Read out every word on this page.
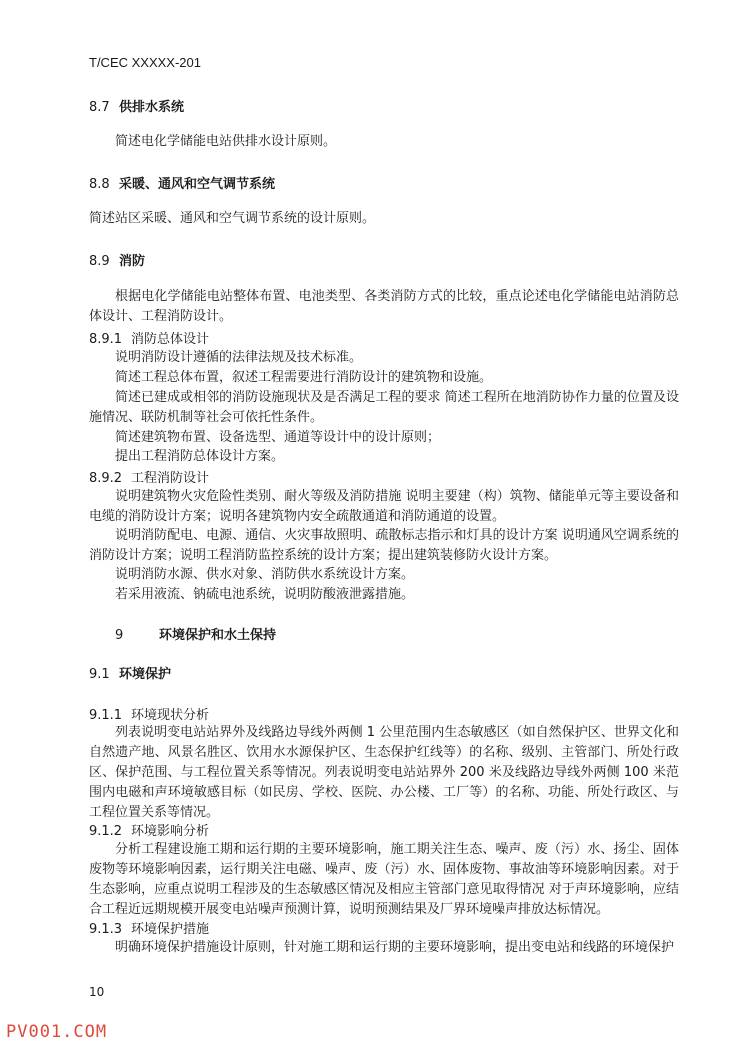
T/CEC XXXXX-201
8.7 供排水系统
简述电化学储能电站供排水设计原则。
8.8 采暖、通风和空气调节系统
简述站区采暖、通风和空气调节系统的设计原则。
8.9 消防
根据电化学储能电站整体布置、电池类型、各类消防方式的比较，重点论述电化学储能电站消防总体设计、工程消防设计。
8.9.1 消防总体设计
说明消防设计遵循的法律法规及技术标准。
简述工程总体布置，叙述工程需要进行消防设计的建筑物和设施。
简述已建成或相邻的消防设施现状及是否满足工程的要求 简述工程所在地消防协作力量的位置及设施情况、联防机制等社会可依托性条件。
简述建筑物布置、设备选型、通道等设计中的设计原则；
提出工程消防总体设计方案。
8.9.2 工程消防设计
说明建筑物火灾危险性类别、耐火等级及消防措施 说明主要建（构）筑物、储能单元等主要设备和电缆的消防设计方案；说明各建筑物内安全疏散通道和消防通道的设置。
说明消防配电、电源、通信、火灾事故照明、疏散标志指示和灯具的设计方案 说明通风空调系统的消防设计方案；说明工程消防监控系统的设计方案；提出建筑装修防火设计方案。
说明消防水源、供水对象、消防供水系统设计方案。
若采用液流、钠硫电池系统，说明防酸液泄露措施。
9	环境保护和水土保持
9.1 环境保护
9.1.1 环境现状分析
列表说明变电站站界外及线路边导线外两侧 1 公里范围内生态敏感区（如自然保护区、世界文化和自然遗产地、风景名胜区、饮用水水源保护区、生态保护红线等）的名称、级别、主管部门、所处行政区、保护范围、与工程位置关系等情况。列表说明变电站站界外 200 米及线路边导线外两侧 100 米范围内电磁和声环境敏感目标（如民房、学校、医院、办公楼、工厂等）的名称、功能、所处行政区、与工程位置关系等情况。
9.1.2 环境影响分析
分析工程建设施工期和运行期的主要环境影响，施工期关注生态、噪声、废（污）水、扬尘、固体废物等环境影响因素，运行期关注电磁、噪声、废（污）水、固体废物、事故油等环境影响因素。对于生态影响，应重点说明工程涉及的生态敏感区情况及相应主管部门意见取得情况 对于声环境影响，应结合工程近远期规模开展变电站噪声预测计算，说明预测结果及厂界环境噪声排放达标情况。
9.1.3 环境保护措施
明确环境保护措施设计原则，针对施工期和运行期的主要环境影响，提出变电站和线路的环境保护
10
PV001.COM
